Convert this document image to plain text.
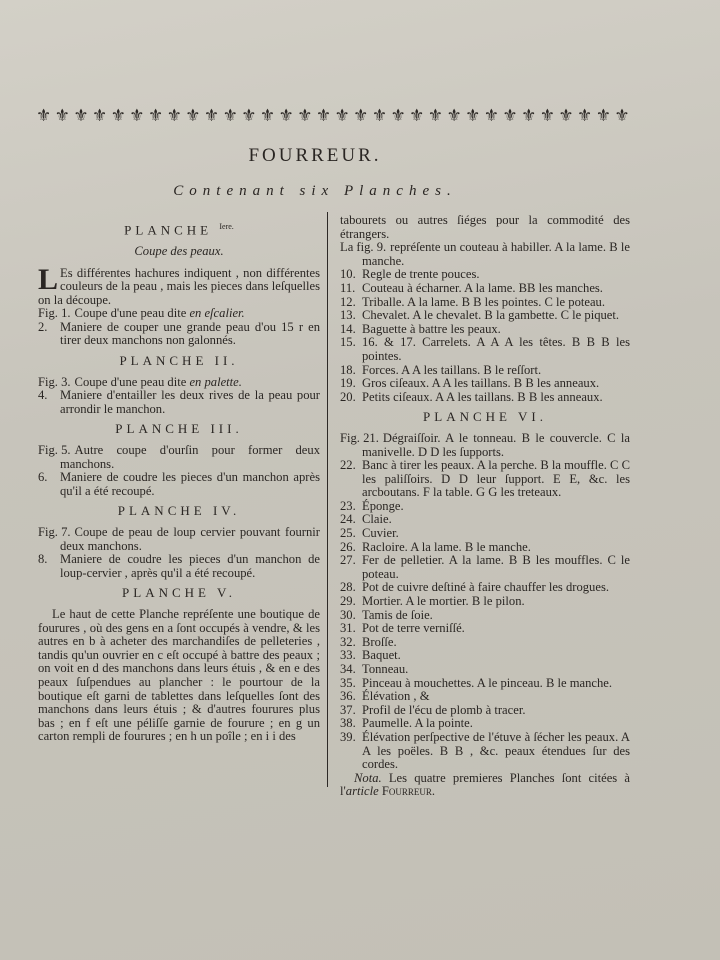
⚜ ⚜ ⚜ ⚜ ⚜ ⚜ ⚜ ⚜ ⚜ ⚜ ⚜ ⚜ ⚜ ⚜ ⚜ ⚜ ⚜ ⚜ ⚜ ⚜ ⚜ ⚜ ⚜ ⚜ ⚜ ⚜ ⚜ ⚜ ⚜ ⚜ ⚜ ⚜
FOURREUR.
Contenant six Planches.
PLANCHE $^{Iere.}$
Coupe des peaux.

L Es différentes hachures indiquent , non différentes couleurs de la peau , mais les pieces dans leſquelles on la découpe.

Fig. 1. Coupe d'une peau dite en eſcalier.

2. Maniere de couper une grande peau d'ou 15 r en tirer deux manchons non galonnés.

PLANCHE II.

Fig. 3. Coupe d'une peau dite en palette.

4. Maniere d'entailler les deux rives de la peau pour arrondir le manchon.

PLANCHE III.

Fig. 5. Autre coupe d'ourſin pour former deux manchons.

6. Maniere de coudre les pieces d'un manchon après qu'il a été recoupé.

PLANCHE IV.

Fig. 7. Coupe de peau de loup cervier pouvant fournir deux manchons.

8. Maniere de coudre les pieces d'un manchon de loup-cervier , après qu'il a été recoupé.

PLANCHE V.

Le haut de cette Planche repréſente une boutique de fourures , où des gens en a ſont occupés à vendre, & les autres en b à acheter des marchandiſes de pelleteries , tandis qu'un ouvrier en c eſt occupé à battre des peaux ; on voit en d des manchons dans leurs étuis , & en e des peaux ſuſpendues au plancher : le pourtour de la boutique eſt garni de tablettes dans leſquelles ſont des manchons dans leurs étuis ; & d'autres fourures plus bas ; en f eſt une péliſſe garnie de fourure ; en g un carton rempli de fourures ; en h un poîle ; en i i des

tabourets ou autres ſiéges pour la commodité des étrangers.

La fig. 9. repréſente un couteau à habiller. A la lame. B le manche.

10. Regle de trente pouces.

11. Couteau à écharner. A la lame. BB les manches.

12. Triballe. A la lame. B B les pointes. C le poteau.

13. Chevalet. A le chevalet. B la gambette. C le piquet.

14. Baguette à battre les peaux.

15. 16. & 17. Carrelets. A A A les têtes. B B B les pointes.

18. Forces. A A les taillans. B le reſſort.

19. Gros ciſeaux. A A les taillans. B B les anneaux.

20. Petits ciſeaux. A A les taillans. B B les anneaux.

PLANCHE VI.

Fig. 21. Dégraiſſoir. A le tonneau. B le couvercle. C la manivelle. D D les ſupports.

22. Banc à tirer les peaux. A la perche. B la mouffle. C C les paliſſoirs. D D leur ſupport. E E, &c. les arcboutans. F la table. G G les treteaux.

23. Éponge.

24. Claie.

25. Cuvier.

26. Racloire. A la lame. B le manche.

27. Fer de pelletier. A la lame. B B les mouffles. C le poteau.

28. Pot de cuivre deſtiné à faire chauffer les drogues.

29. Mortier. A le mortier. B le pilon.

30. Tamis de ſoie.

31. Pot de terre verniſſé.

32. Broſſe.

33. Baquet.

34. Tonneau.

35. Pinceau à mouchettes. A le pinceau. B le manche.

36. Élévation , &

37. Profil de l'écu de plomb à tracer.

38. Paumelle. A la pointe.

39. Élévation perſpective de l'étuve à ſécher les peaux. A A les poëles. B B , &c. peaux étendues ſur des cordes.

Nota. Les quatre premieres Planches ſont citées à l'article Fourreur.
